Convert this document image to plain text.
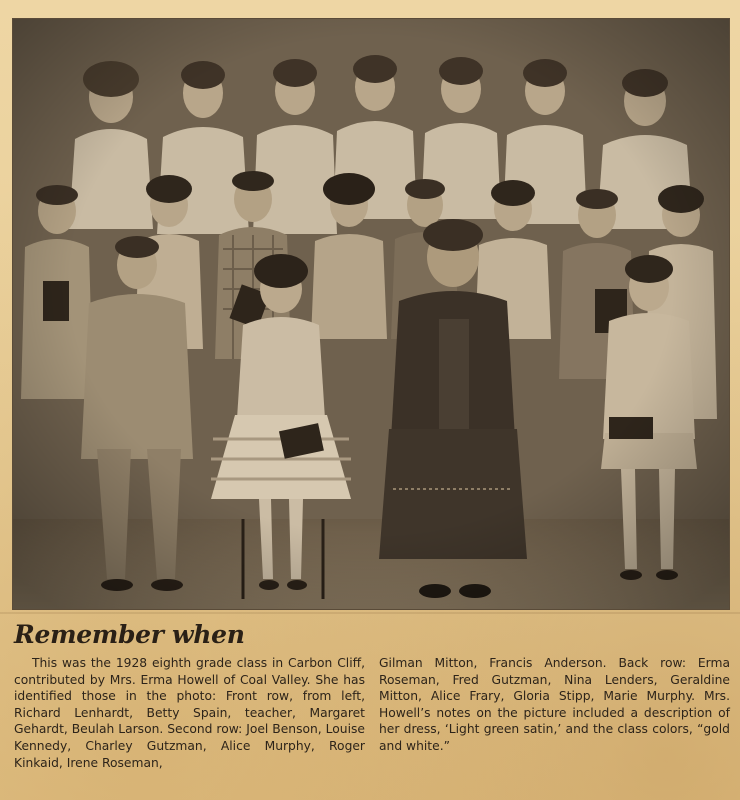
Remember when

This was the 1928 eighth grade class in Carbon Cliff, contributed by Mrs. Erma Howell of Coal Valley. She has identified those in the photo: Front row, from left, Richard Lenhardt, Betty Spain, teacher, Margaret Gehardt, Beulah Larson. Second row: Joel Benson, Louise Kennedy, Charley Gutzman, Alice Murphy, Roger Kinkaid, Irene Roseman,

Gilman Mitton, Francis Anderson. Back row: Erma Roseman, Fred Gutzman, Nina Lenders, Geraldine Mitton, Alice Frary, Gloria Stipp, Marie Murphy. Mrs. Howell’s notes on the picture included a description of her dress, ‘Light green satin,’ and the class colors, “gold and white.”
